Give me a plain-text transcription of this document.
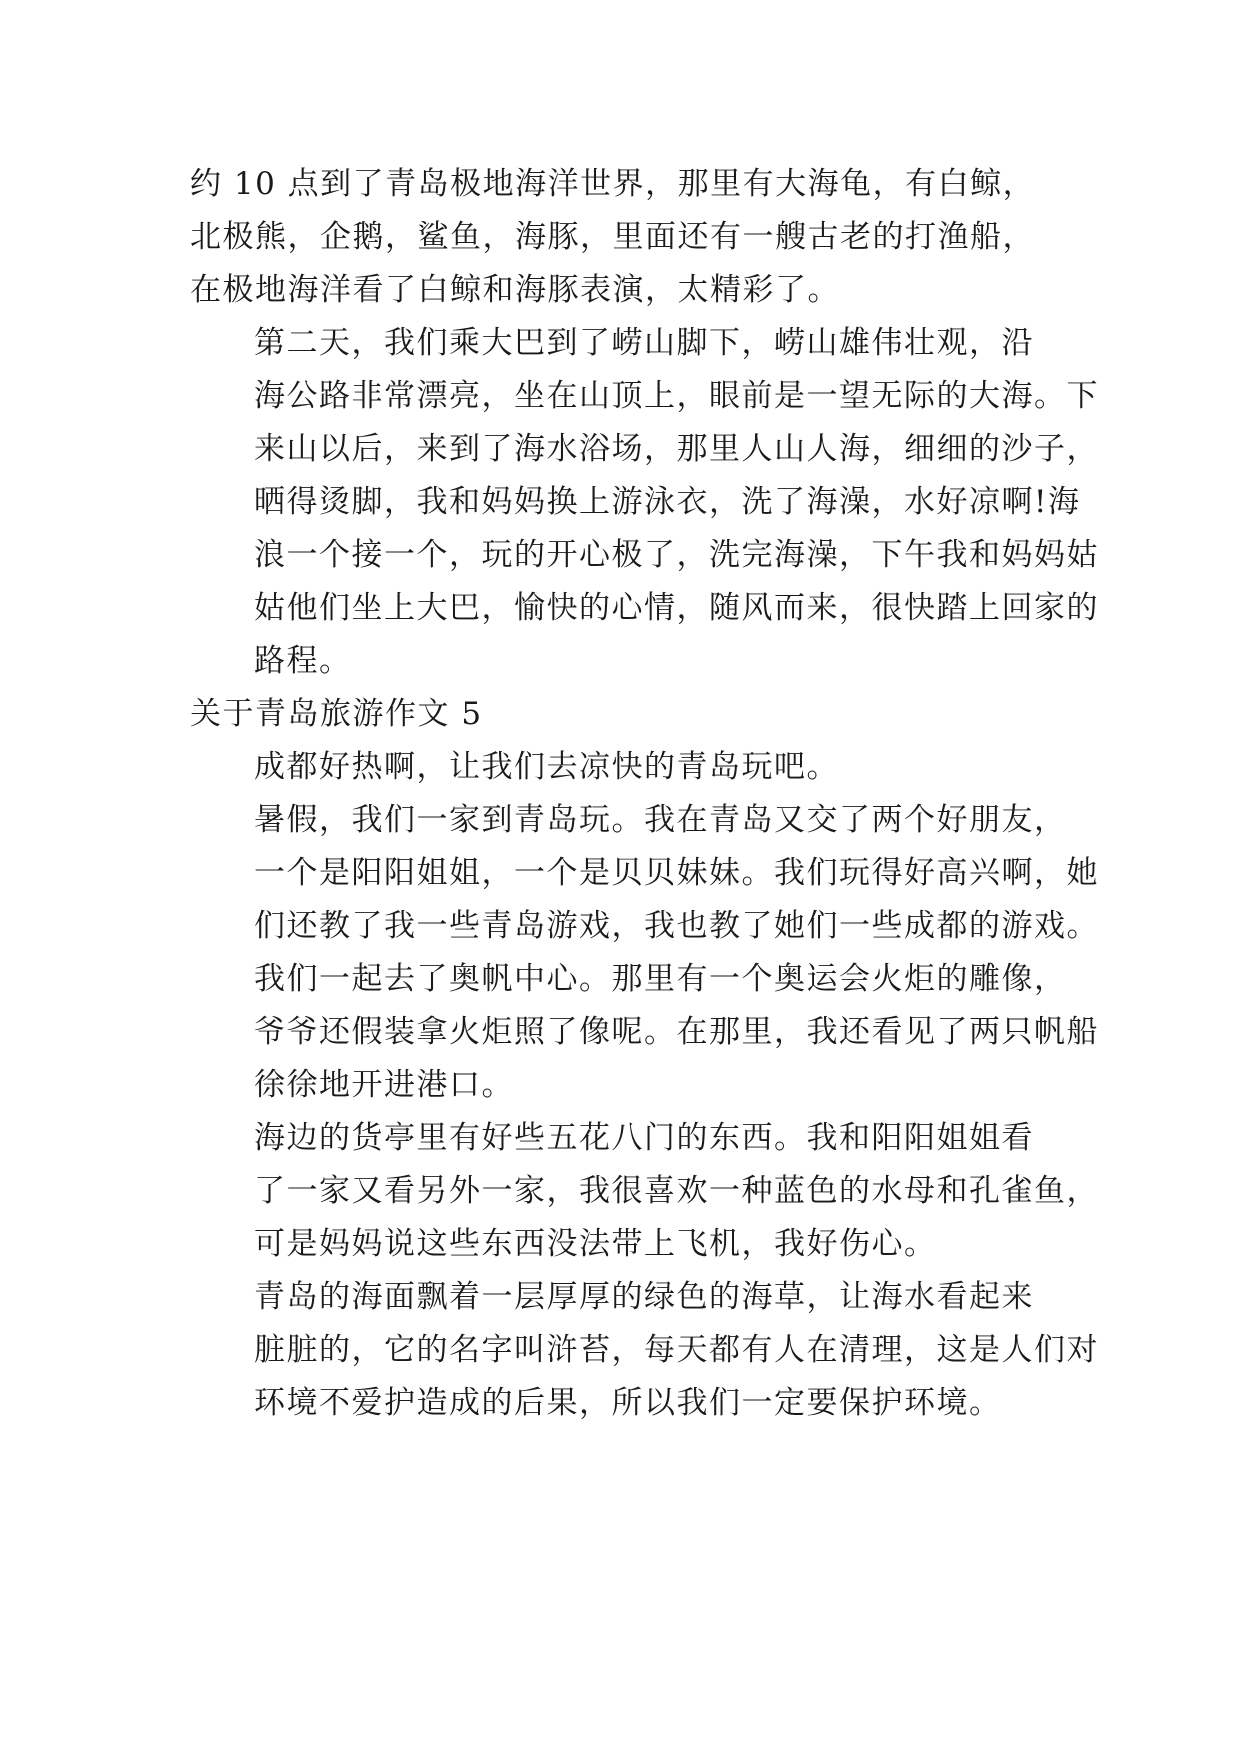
约 10 点到了青岛极地海洋世界，那里有大海龟，有白鲸，
北极熊，企鹅，鲨鱼，海豚，里面还有一艘古老的打渔船，
在极地海洋看了白鲸和海豚表演，太精彩了。

第二天，我们乘大巴到了崂山脚下，崂山雄伟壮观，沿
海公路非常漂亮，坐在山顶上，眼前是一望无际的大海。下
来山以后，来到了海水浴场，那里人山人海，细细的沙子，
晒得烫脚，我和妈妈换上游泳衣，洗了海澡，水好凉啊!海
浪一个接一个，玩的开心极了，洗完海澡，下午我和妈妈姑
姑他们坐上大巴，愉快的心情，随风而来，很快踏上回家的
路程。

关于青岛旅游作文 5

成都好热啊，让我们去凉快的青岛玩吧。

暑假，我们一家到青岛玩。我在青岛又交了两个好朋友，
一个是阳阳姐姐，一个是贝贝妹妹。我们玩得好高兴啊，她
们还教了我一些青岛游戏，我也教了她们一些成都的游戏。

我们一起去了奥帆中心。那里有一个奥运会火炬的雕像，
爷爷还假装拿火炬照了像呢。在那里，我还看见了两只帆船
徐徐地开进港口。

海边的货亭里有好些五花八门的东西。我和阳阳姐姐看
了一家又看另外一家，我很喜欢一种蓝色的水母和孔雀鱼，
可是妈妈说这些东西没法带上飞机，我好伤心。

青岛的海面飘着一层厚厚的绿色的海草，让海水看起来
脏脏的，它的名字叫浒苔，每天都有人在清理，这是人们对
环境不爱护造成的后果，所以我们一定要保护环境。
